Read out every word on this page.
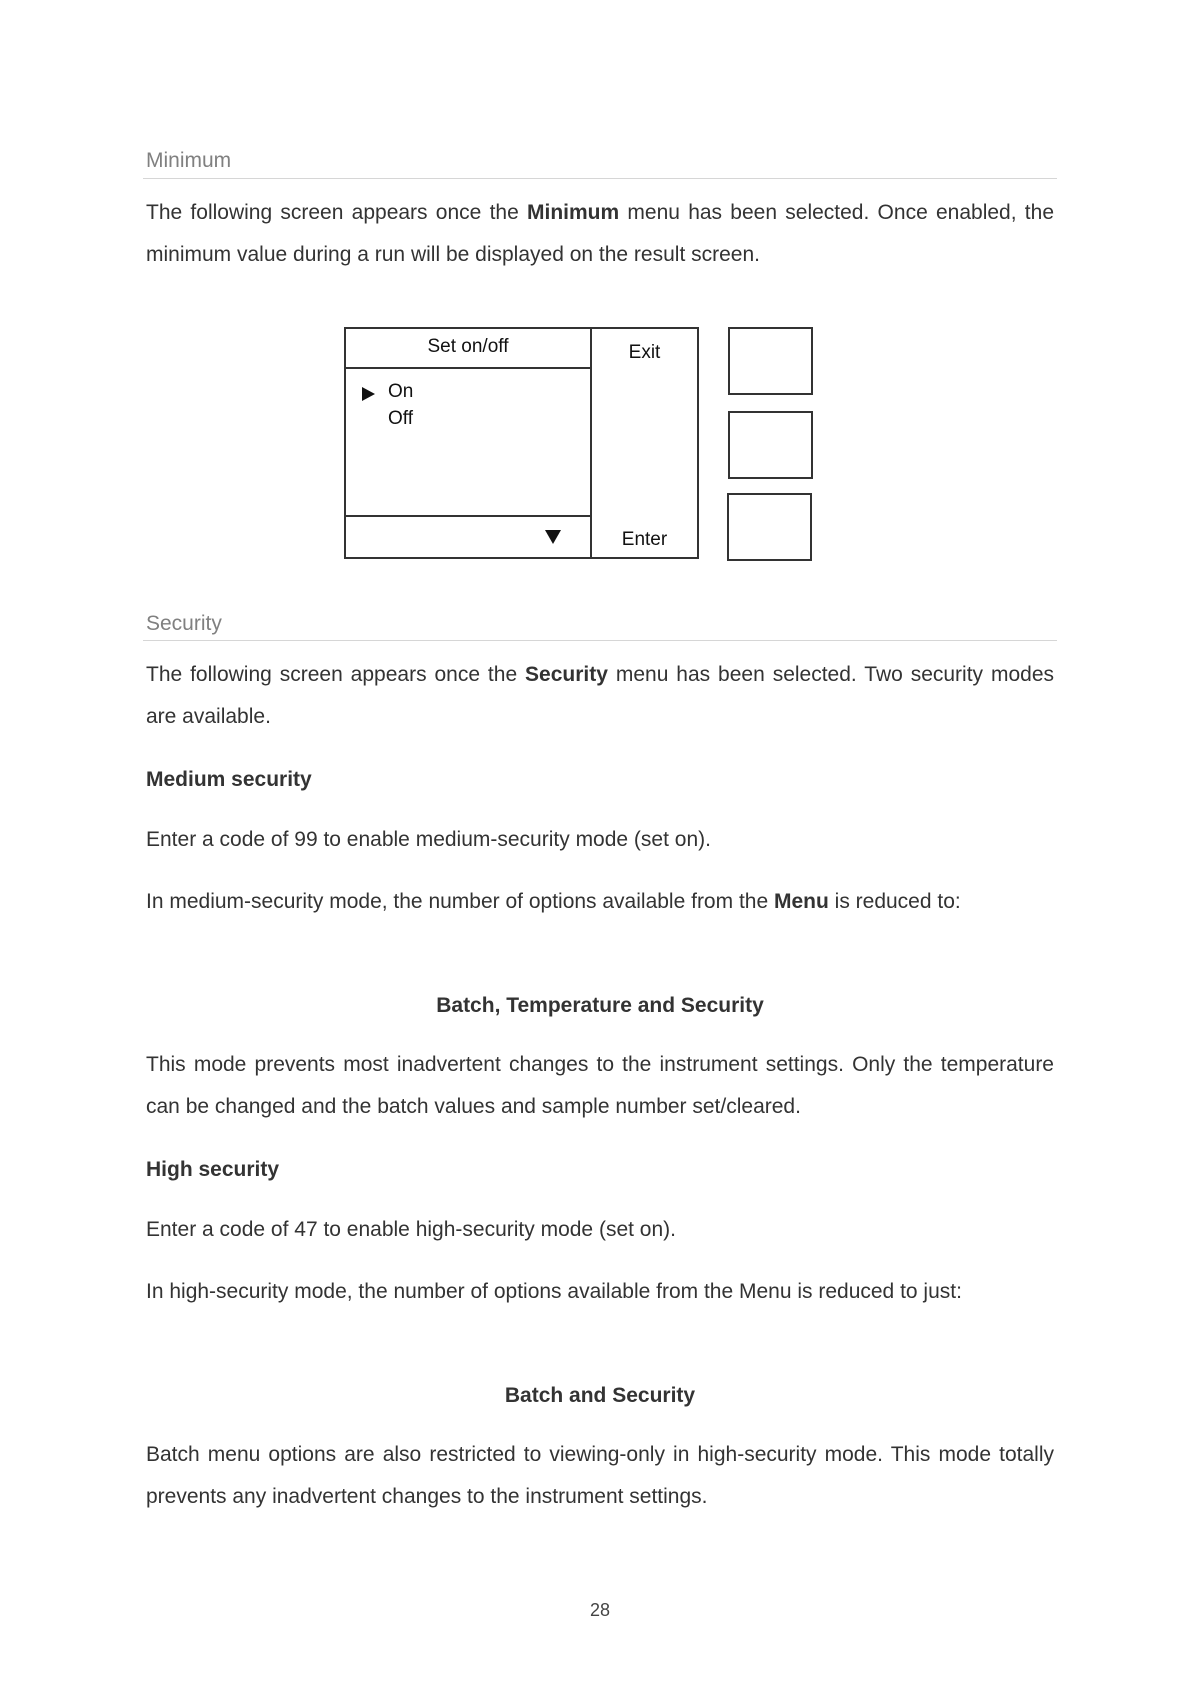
Minimum

The following screen appears once the Minimum menu has been selected. Once enabled, the minimum value during a run will be displayed on the result screen.

Set on/off
On
Off
Exit
Enter
Security

The following screen appears once the Security menu has been selected. Two security modes are available.

Medium security

Enter a code of 99 to enable medium-security mode (set on).

In medium-security mode, the number of options available from the Menu is reduced to:

Batch, Temperature and Security

This mode prevents most inadvertent changes to the instrument settings. Only the temperature can be changed and the batch values and sample number set/cleared.

High security

Enter a code of 47 to enable high-security mode (set on).

In high-security mode, the number of options available from the Menu is reduced to just:

Batch and Security

Batch menu options are also restricted to viewing-only in high-security mode. This mode totally prevents any inadvertent changes to the instrument settings.

28
